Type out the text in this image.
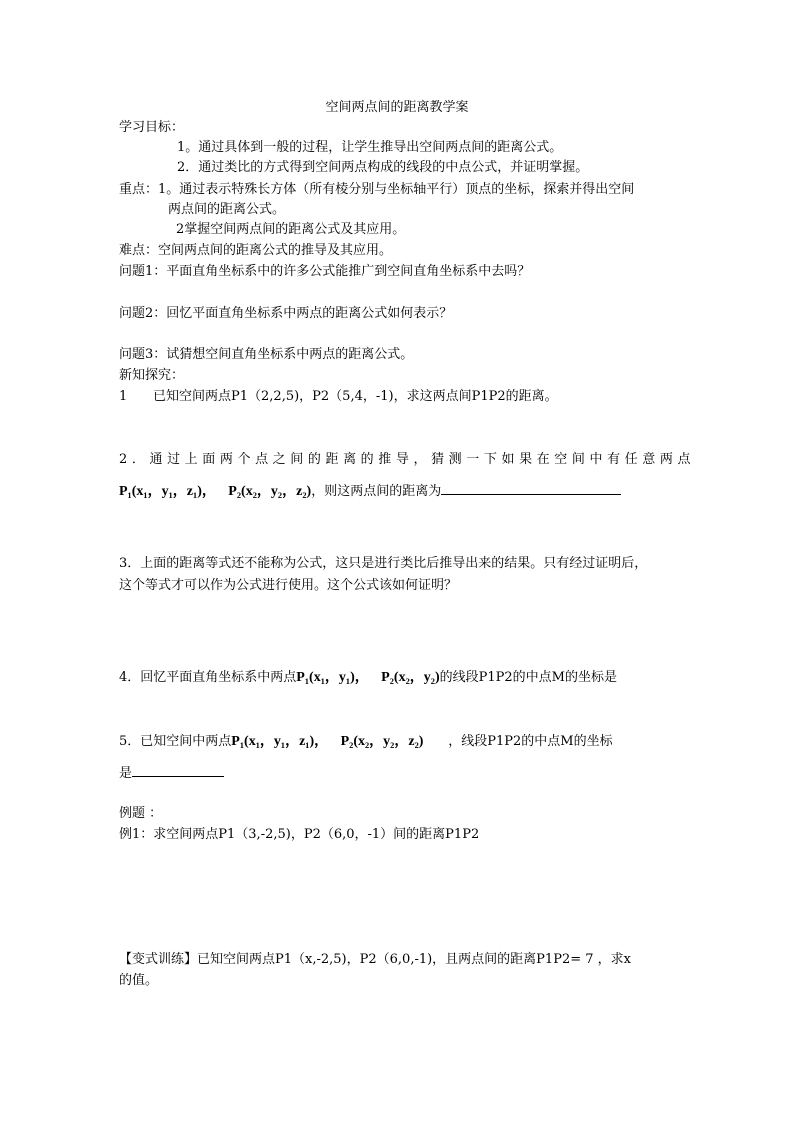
空间两点间的距离教学案
学习目标：
1。通过具体到一般的过程，让学生推导出空间两点间的距离公式。
2．通过类比的方式得到空间两点构成的线段的中点公式，并证明掌握。
重点：1。通过表示特殊长方体（所有棱分别与坐标轴平行）顶点的坐标，探索并得出空间
两点间的距离公式。
2掌握空间两点间的距离公式及其应用。
难点：空间两点间的距离公式的推导及其应用。
问题1：平面直角坐标系中的许多公式能推广到空间直角坐标系中去吗？
问题2：回忆平面直角坐标系中两点的距离公式如何表示？
问题3：试猜想空间直角坐标系中两点的距离公式。
新知探究：
1 已知空间两点P1（2,2,5)，P2（5,4，-1)，求这两点间P1P2的距离。
2．通过上面两个点之间的距离的推导，猜测一下如果在空间中有任意两点
P₁(x₁，y₁，z₁)， P₂(x₂，y₂，z₂)，则这两点间的距离为
3．上面的距离等式还不能称为公式，这只是进行类比后推导出来的结果。只有经过证明后，
这个等式才可以作为公式进行使用。这个公式该如何证明？
4．回忆平面直角坐标系中两点P₁(x₁，y₁)， P₂(x₂，y₂)的线段P1P2的中点M的坐标是
5．已知空间中两点P₁(x₁，y₁，z₁)， P₂(x₂，y₂，z₂) ，线段P1P2的中点M的坐标
是
例题 ：
例1：求空间两点P1（3,-2,5)，P2（6,0，-1）间的距离P1P2
【变式训练】已知空间两点P1（x,-2,5)，P2（6,0,-1)，且两点间的距离P1P2= 7 ，求x
的值。
